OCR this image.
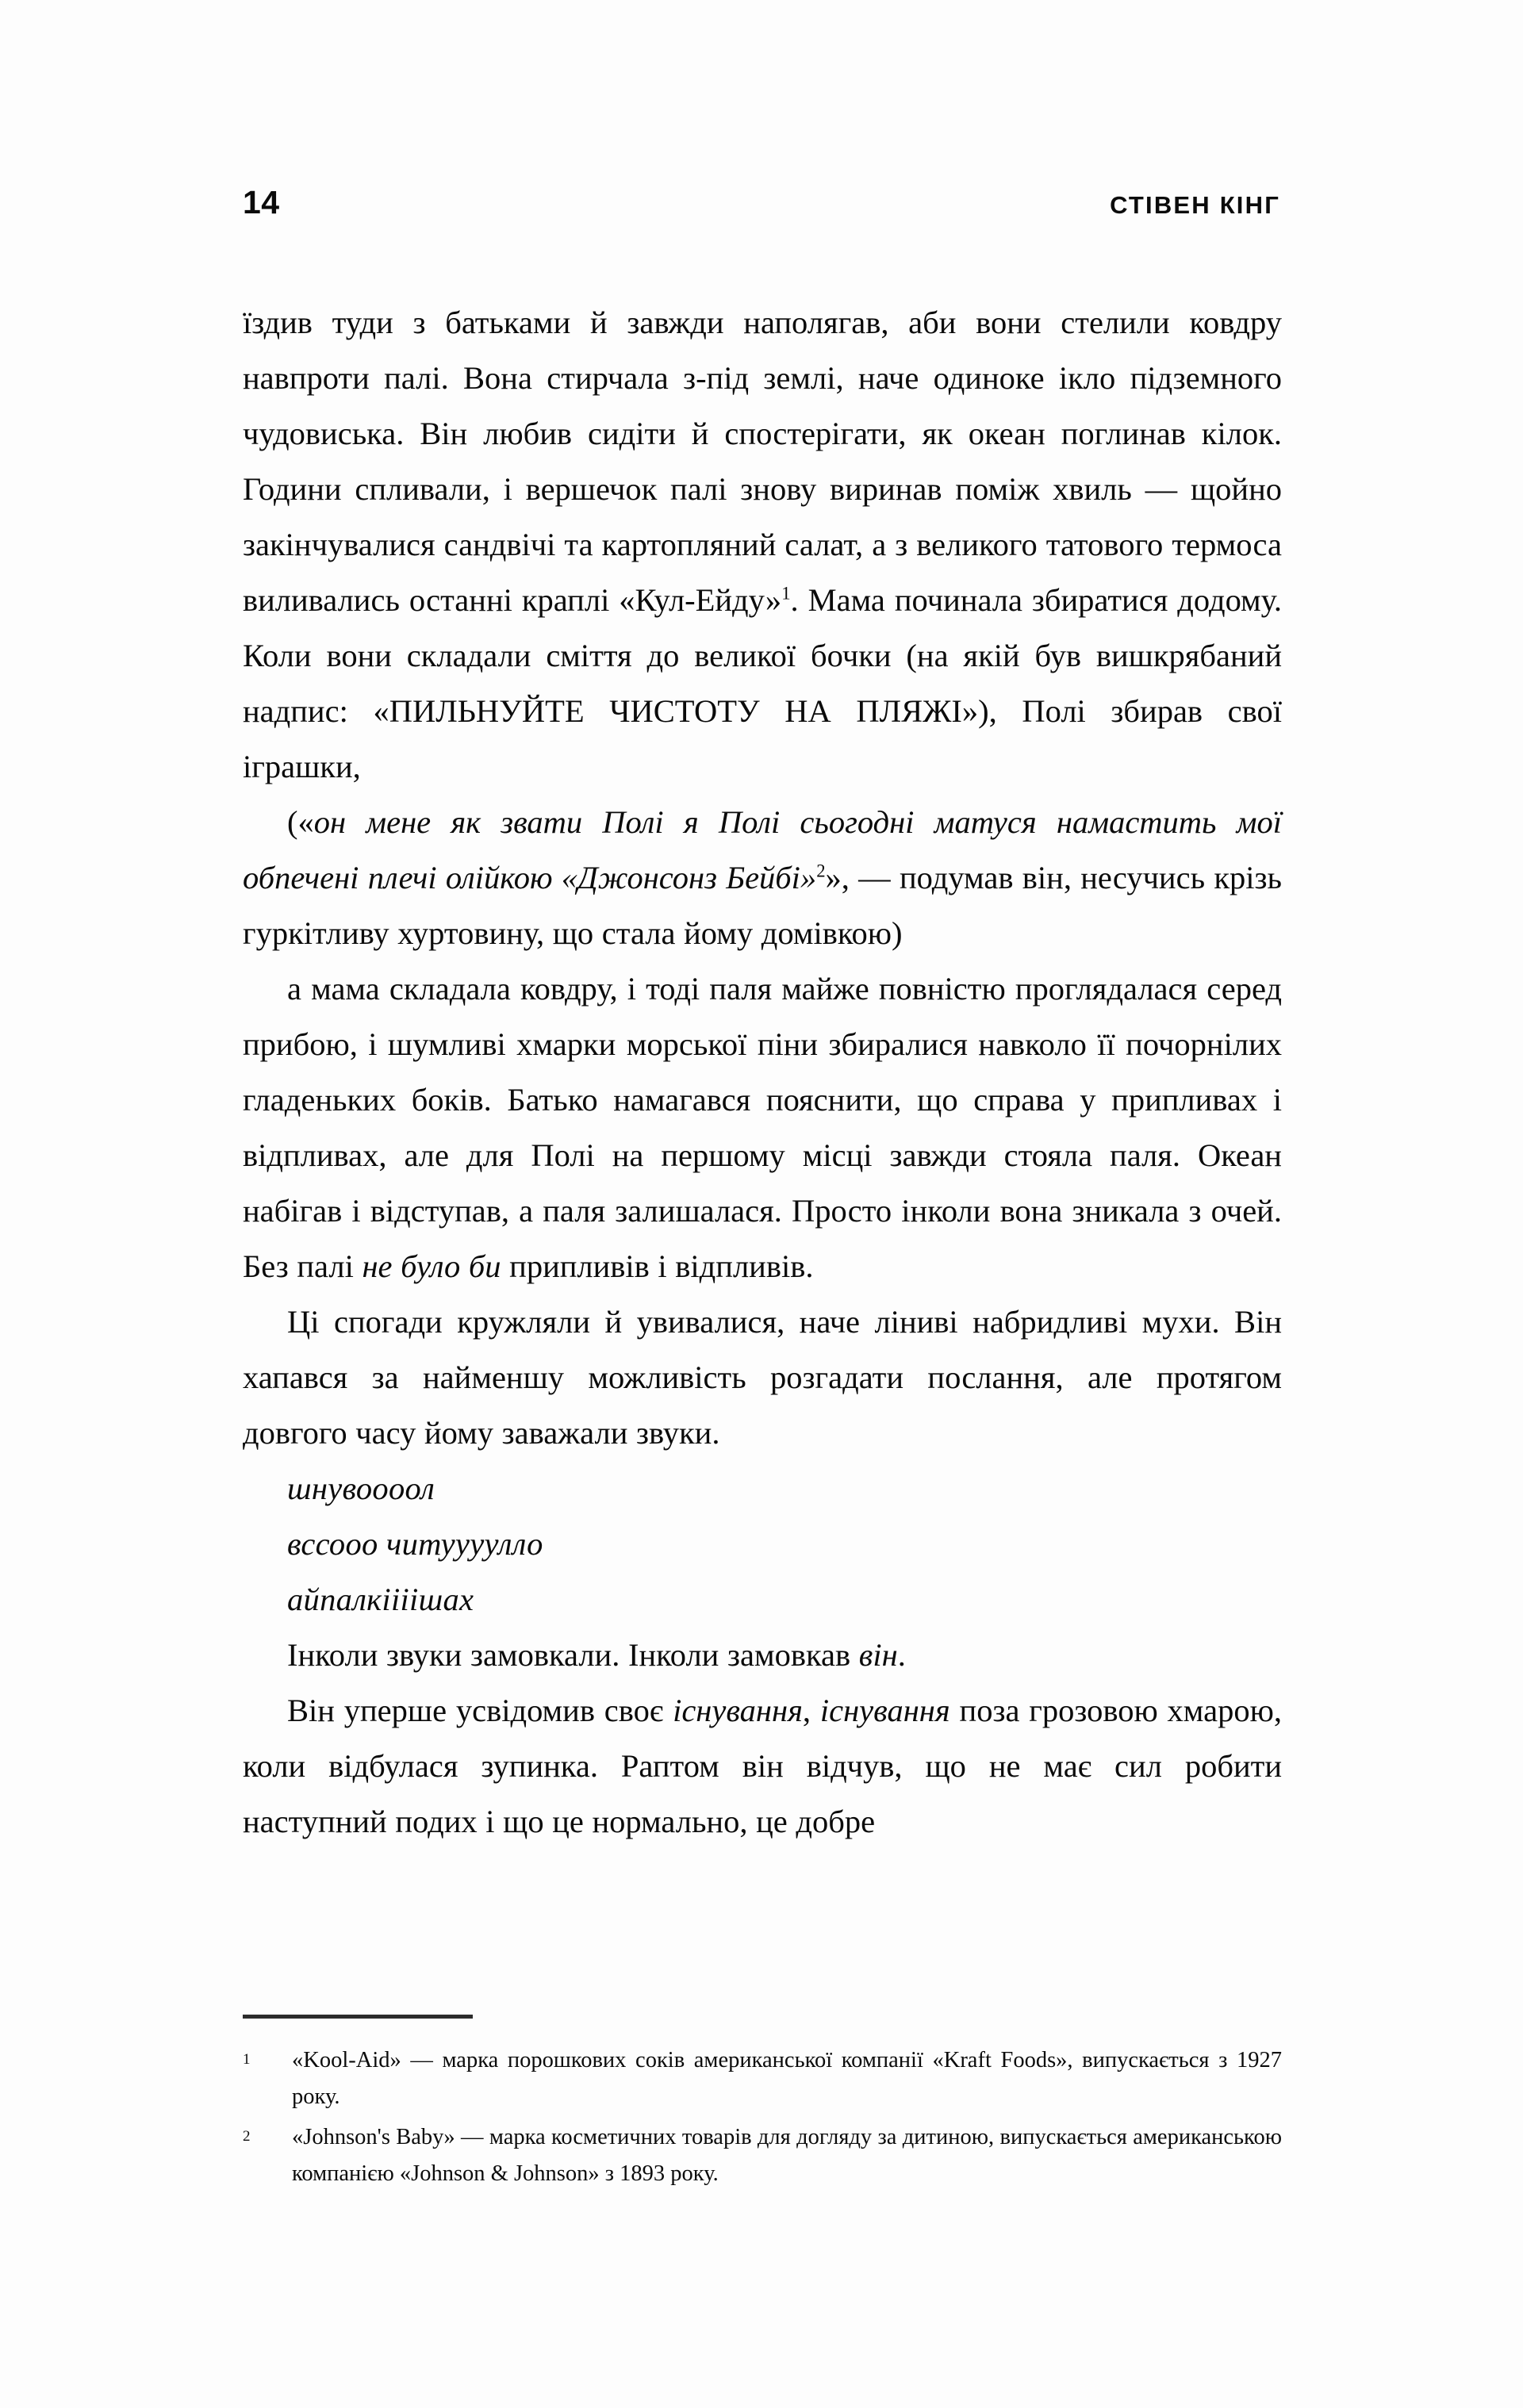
14	СТІВЕН КІНГ

їздив туди з батьками й завжди наполягав, аби вони стелили ковдру навпроти палі. Вона стирчала з-під землі, наче одиноке ікло підземного чудовиська. Він любив сидіти й спостерігати, як океан поглинав кілок. Години спливали, і вершечок палі знову виринав поміж хвиль — щойно закінчувалися сандвічі та картопляний салат, а з великого татового термоса виливались останні краплі «Кул-Ейду»$^1$. Мама починала збиратися додому. Коли вони складали сміття до великої бочки (на якій був вишкрябаний надпис: «ПИЛЬНУЙТЕ ЧИСТОТУ НА ПЛЯЖІ»), Полі збирав свої іграшки,

(«он мене як звати Полі я Полі сьогодні матуся намастить мої обпечені плечі олійкою «Джонсонз Бейбі»$^2$», — подумав він, несучись крізь гуркітливу хуртовину, що стала йому домівкою)

а мама складала ковдру, і тоді паля майже повністю проглядалася серед прибою, і шумливі хмарки морської піни збиралися навколо її почорнілих гладеньких боків. Батько намагався пояснити, що справа у припливах і відпливах, але для Полі на першому місці завжди стояла паля. Океан набігав і відступав, а паля залишалася. Просто інколи вона зникала з очей. Без палі не було би припливів і відпливів.

Ці спогади кружляли й увивалися, наче ліниві набридливі мухи. Він хапався за найменшу можливість розгадати послання, але протягом довгого часу йому заважали звуки.

шнувоооол

вссооо читуууулло

айпалкіііішах

Інколи звуки замовкали. Інколи замовкав він.

Він уперше усвідомив своє існування, існування поза грозовою хмарою, коли відбулася зупинка. Раптом він відчув, що не має сил робити наступний подих і що це нормально, це добре

1	«Kool-Aid» — марка порошкових соків американської компанії «Kraft Foods», випускається з 1927 року.
2	«Johnson's Baby» — марка косметичних товарів для догляду за дитиною, випускається американською компанією «Johnson & Johnson» з 1893 року.
